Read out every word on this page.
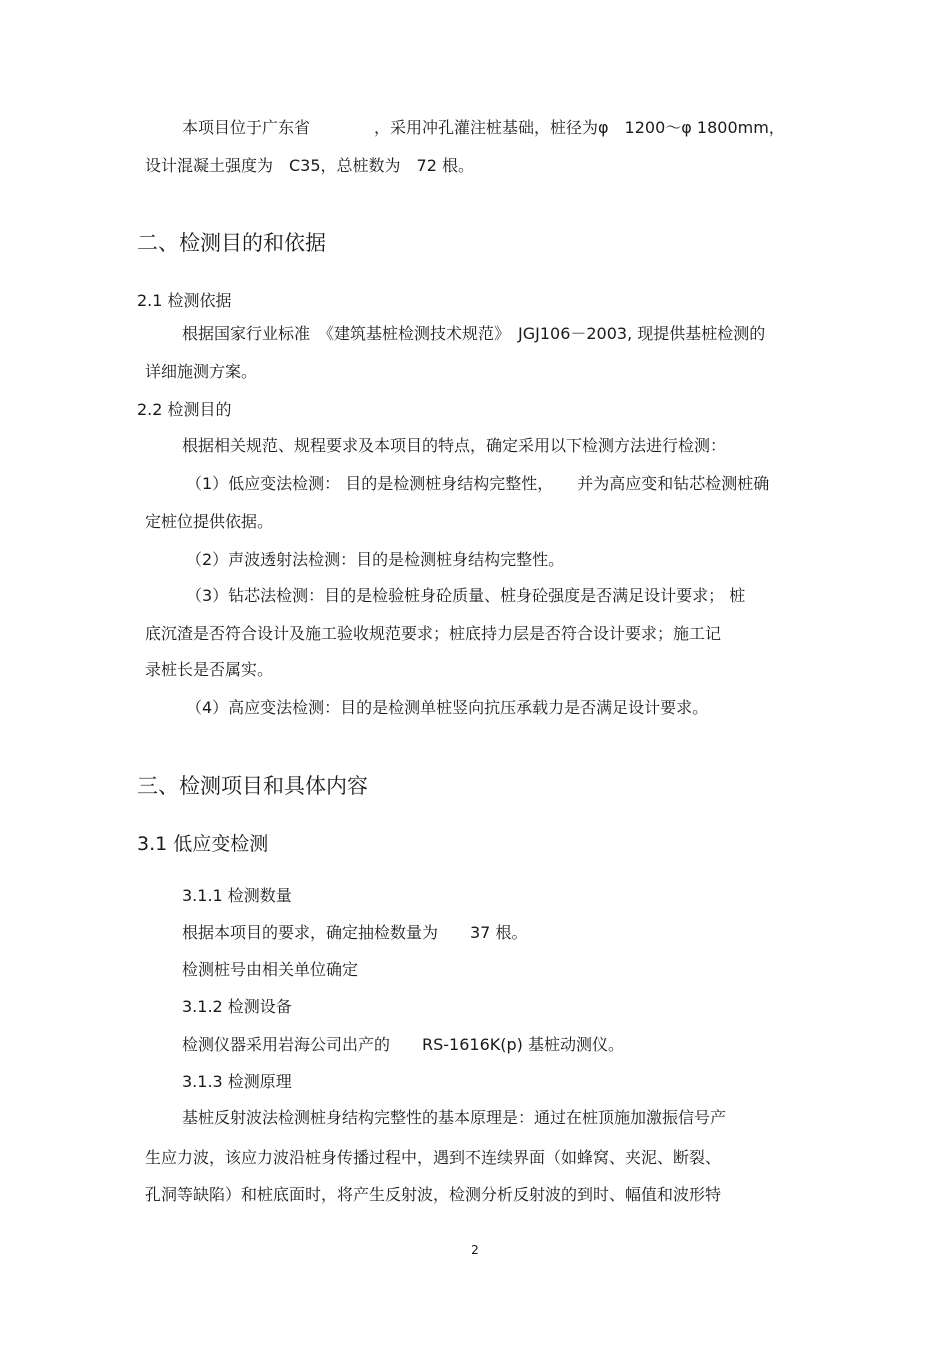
本项目位于广东省　　　　，采用冲孔灌注桩基础，桩径为φ　1200～φ 1800mm，
设计混凝土强度为　C35，总桩数为　72 根。
二、检测目的和依据
2.1 检测依据
根据国家行业标准　《建筑基桩检测技术规范》　JGJ106－2003, 现提供基桩检测的
详细施测方案。
2.2 检测目的
根据相关规范、规程要求及本项目的特点，确定采用以下检测方法进行检测：
（1）低应变法检测： 目的是检测桩身结构完整性，　　并为高应变和钻芯检测桩确
定桩位提供依据。
（2）声波透射法检测：目的是检测桩身结构完整性。
（3）钻芯法检测：目的是检验桩身砼质量、桩身砼强度是否满足设计要求； 桩
底沉渣是否符合设计及施工验收规范要求；桩底持力层是否符合设计要求；施工记
录桩长是否属实。
（4）高应变法检测：目的是检测单桩竖向抗压承载力是否满足设计要求。
三、检测项目和具体内容
3.1 低应变检测
3.1.1 检测数量
根据本项目的要求，确定抽检数量为　　37 根。
检测桩号由相关单位确定
3.1.2 检测设备
检测仪器采用岩海公司出产的　　RS-1616K(p) 基桩动测仪。
3.1.3 检测原理
基桩反射波法检测桩身结构完整性的基本原理是：通过在桩顶施加激振信号产
生应力波，该应力波沿桩身传播过程中，遇到不连续界面（如蜂窝、夹泥、断裂、
孔洞等缺陷）和桩底面时，将产生反射波，检测分析反射波的到时、幅值和波形特
2
